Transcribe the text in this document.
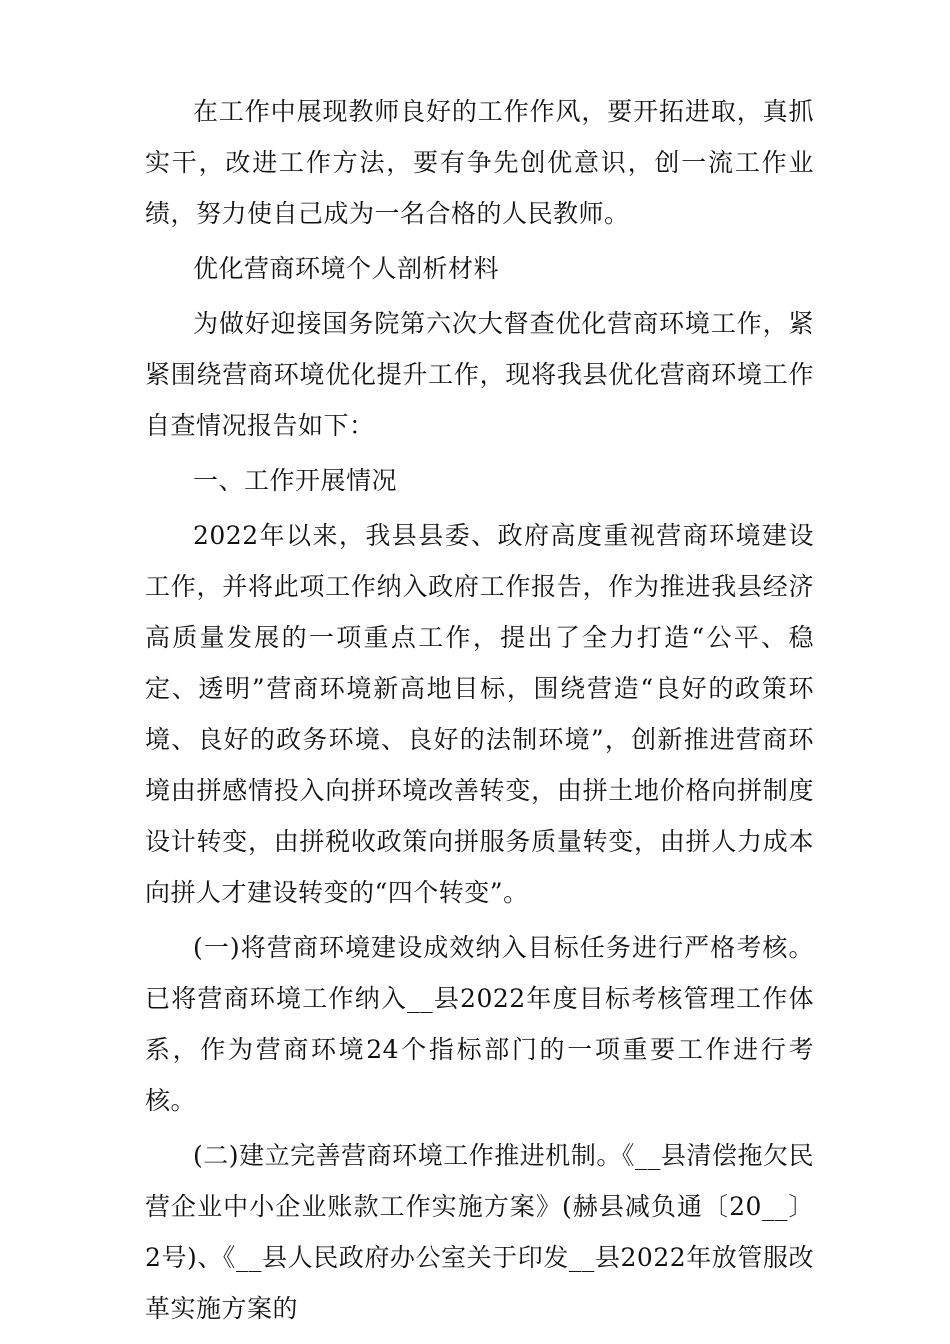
在工作中展现教师良好的工作作风，要开拓进取，真抓实干，改进工作方法，要有争先创优意识，创一流工作业绩，努力使自己成为一名合格的人民教师。

优化营商环境个人剖析材料

为做好迎接国务院第六次大督查优化营商环境工作，紧紧围绕营商环境优化提升工作，现将我县优化营商环境工作自查情况报告如下：

一、工作开展情况

2022年以来，我县县委、政府高度重视营商环境建设工作，并将此项工作纳入政府工作报告，作为推进我县经济高质量发展的一项重点工作，提出了全力打造“公平、稳定、透明”营商环境新高地目标，围绕营造“良好的政策环境、良好的政务环境、良好的法制环境”，创新推进营商环境由拼感情投入向拼环境改善转变，由拼土地价格向拼制度设计转变，由拼税收政策向拼服务质量转变，由拼人力成本向拼人才建设转变的“四个转变”。

(一)将营商环境建设成效纳入目标任务进行严格考核。已将营商环境工作纳入__县2022年度目标考核管理工作体系，作为营商环境24个指标部门的一项重要工作进行考核。

(二)建立完善营商环境工作推进机制。《__县清偿拖欠民营企业中小企业账款工作实施方案》(赫县减负通〔20__〕2号)、《__县人民政府办公室关于印发__县2022年放管服改革实施方案的
